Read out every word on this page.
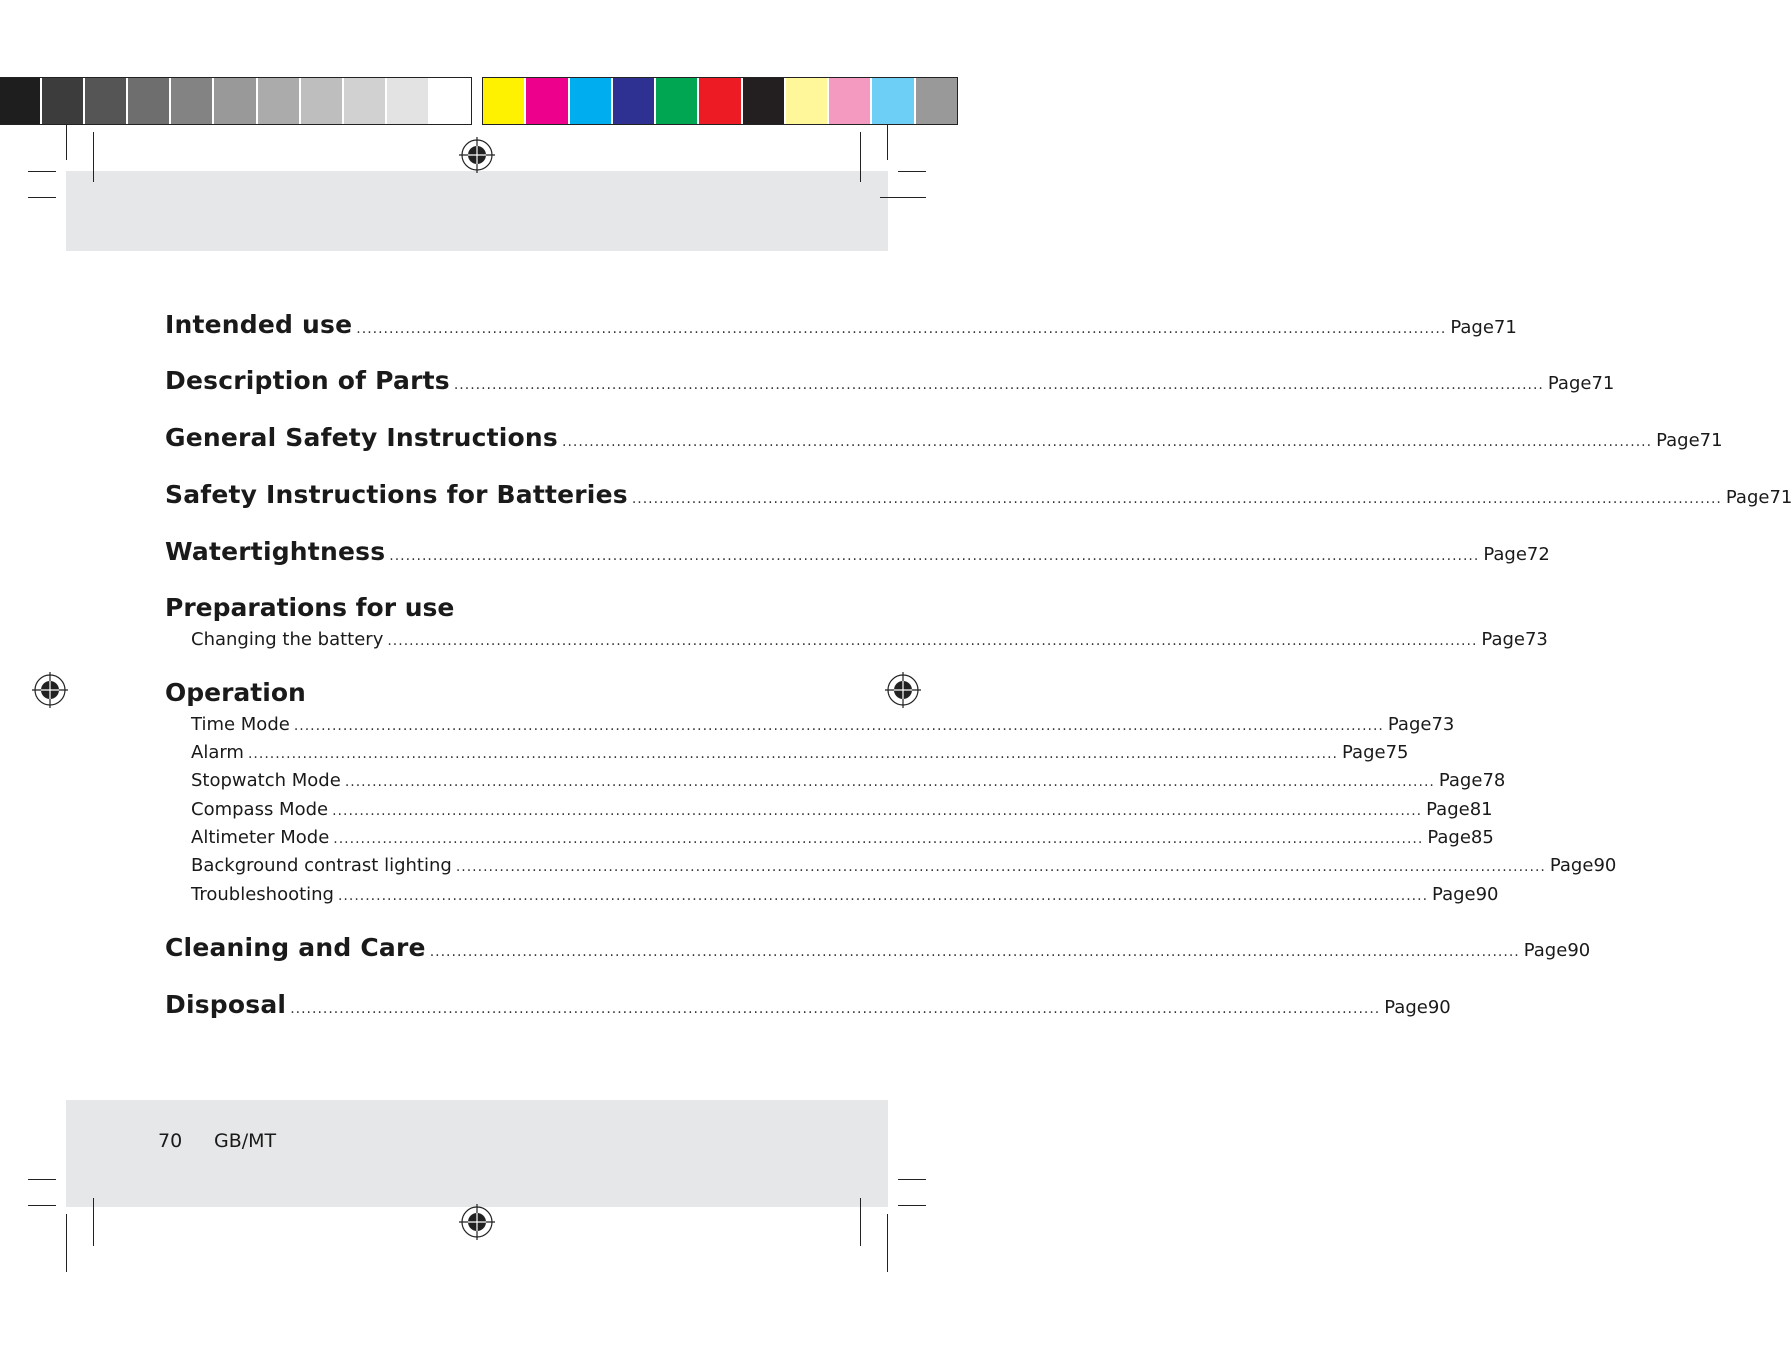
Intended use ........................................................................................................................................................................................................ Page 71
Description of Parts ........................................................................................................................................................................................................ Page 71
General Safety Instructions ........................................................................................................................................................................................................ Page 71
Safety Instructions for Batteries ........................................................................................................................................................................................................ Page 71
Watertightness ........................................................................................................................................................................................................ Page 72
Preparations for use
Changing the battery ........................................................................................................................................................................................................ Page 73
Operation
Time Mode ........................................................................................................................................................................................................ Page 73
Alarm ........................................................................................................................................................................................................ Page 75
Stopwatch Mode ........................................................................................................................................................................................................ Page 78
Compass Mode ........................................................................................................................................................................................................ Page 81
Altimeter Mode ........................................................................................................................................................................................................ Page 85
Background contrast lighting ........................................................................................................................................................................................................ Page 90
Troubleshooting ........................................................................................................................................................................................................ Page 90
Cleaning and Care ........................................................................................................................................................................................................ Page 90
Disposal ........................................................................................................................................................................................................ Page 90
70 GB/MT
